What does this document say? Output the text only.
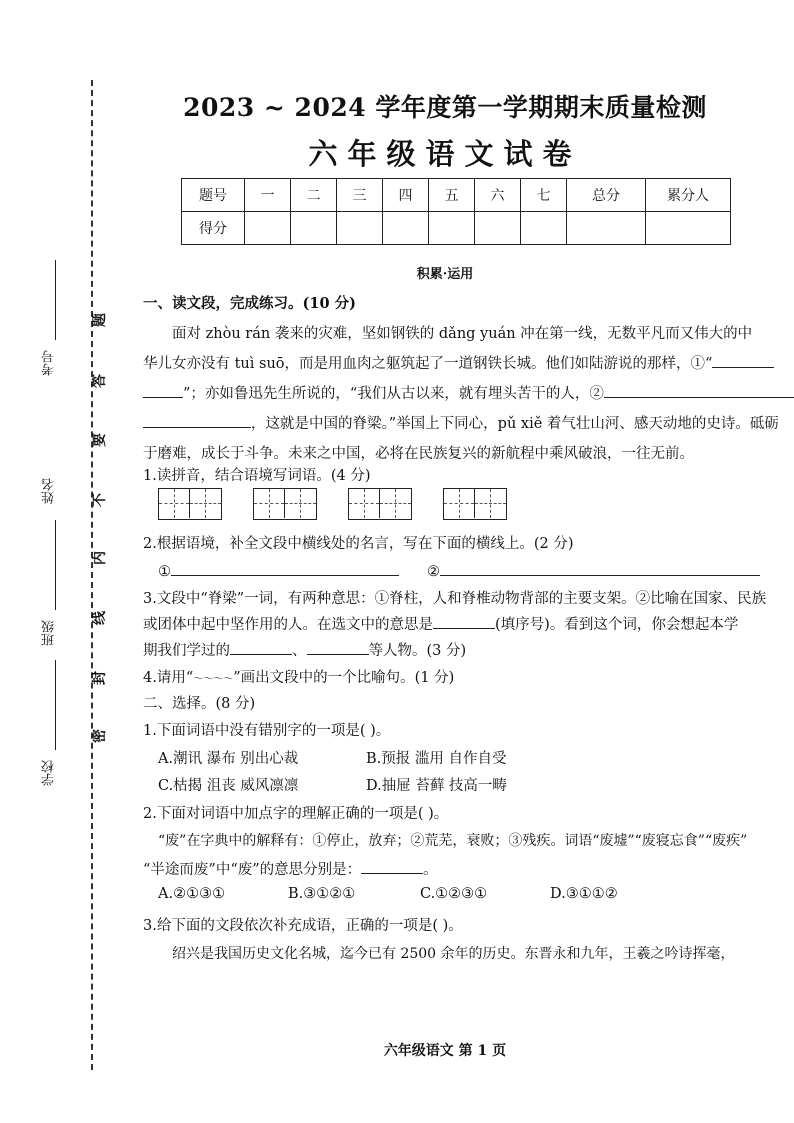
考号
姓名
班级
学校
题
答
要
不
内
线
封
密
2023 ~ 2024 学年度第一学期期末质量检测
六年级语文试卷
题号	一	二	三	四	五	六	七	总分	累分人
得分									
积累·运用
一、读文段，完成练习。(10 分)
面对 zhòu rán 袭来的灾难，坚如钢铁的 dǎng yuán 冲在第一线，无数平凡而又伟大的中
华儿女亦没有 tuì suō，而是用血肉之躯筑起了一道钢铁长城。他们如陆游说的那样，①“
”；亦如鲁迅先生所说的，“我们从古以来，就有埋头苦干的人，②
，这就是中国的脊梁。”举国上下同心，pǔ xiě 着气壮山河、感天动地的史诗。砥砺
于磨难，成长于斗争。未来之中国，必将在民族复兴的新航程中乘风破浪，一往无前。
1.读拼音，结合语境写词语。(4 分)
2.根据语境，补全文段中横线处的名言，写在下面的横线上。(2 分)
①	②
3.文段中“脊梁”一词，有两种意思：①脊柱，人和脊椎动物背部的主要支架。②比喻在国家、民族
或团体中起中坚作用的人。在选文中的意思是	(填序号)。看到这个词，你会想起本学
期我们学过的	、	等人物。(3 分)
4.请用“～～～～”画出文段中的一个比喻句。(1 分)
二、选择。(8 分)
1.下面词语中没有错别字的一项是( )。
A.潮讯 瀑布 别出心裁	B.预报 滥用 自作自受
C.枯揭 沮丧 威风凛凛	D.抽屉 苔藓 技高一畴
2.下面对词语中加点字的理解正确的一项是( )。
“废”在字典中的解释有：①停止，放弃；②荒芜，衰败；③残疾。词语“废墟”“废寝忘食”“废疾”
“半途而废”中“废”的意思分别是：	。
A.②①③①	B.③①②①	C.①②③①	D.③①①②
3.给下面的文段依次补充成语，正确的一项是( )。
绍兴是我国历史文化名城，迄今已有 2500 余年的历史。东晋永和九年，王羲之吟诗挥毫，
六年级语文 第 1 页
